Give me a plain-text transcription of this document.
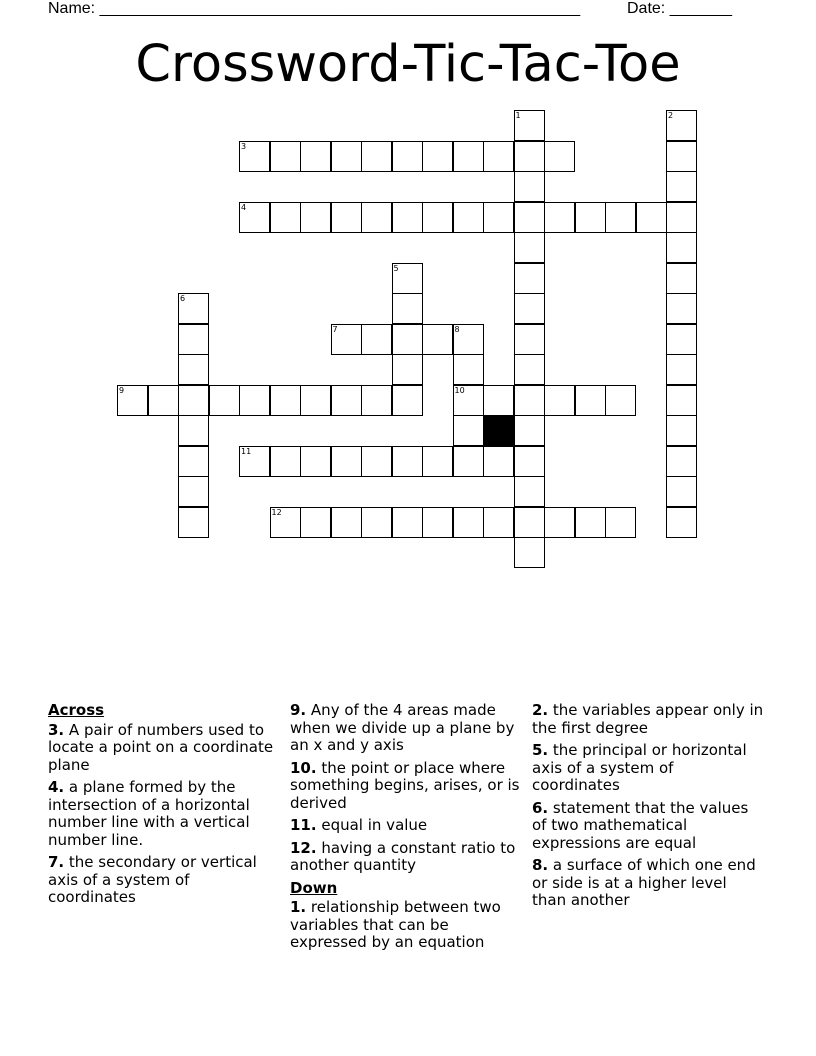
Name: ______________________________________________________	Date: _______
Crossword-Tic-Tac-Toe
3
4
7	8
9	10
11
12
1	2
5
6
Across
3. A pair of numbers used to locate a point on a coordinate plane
4. a plane formed by the intersection of a horizontal number line with a vertical number line.
7. the secondary or vertical axis of a system of coordinates
9. Any of the 4 areas made when we divide up a plane by an x and y axis
10. the point or place where something begins, arises, or is derived
11. equal in value
12. having a constant ratio to another quantity
Down
1. relationship between two variables that can be expressed by an equation
2. the variables appear only in the first degree
5. the principal or horizontal axis of a system of coordinates
6. statement that the values of two mathematical expressions are equal
8. a surface of which one end or side is at a higher level than another
